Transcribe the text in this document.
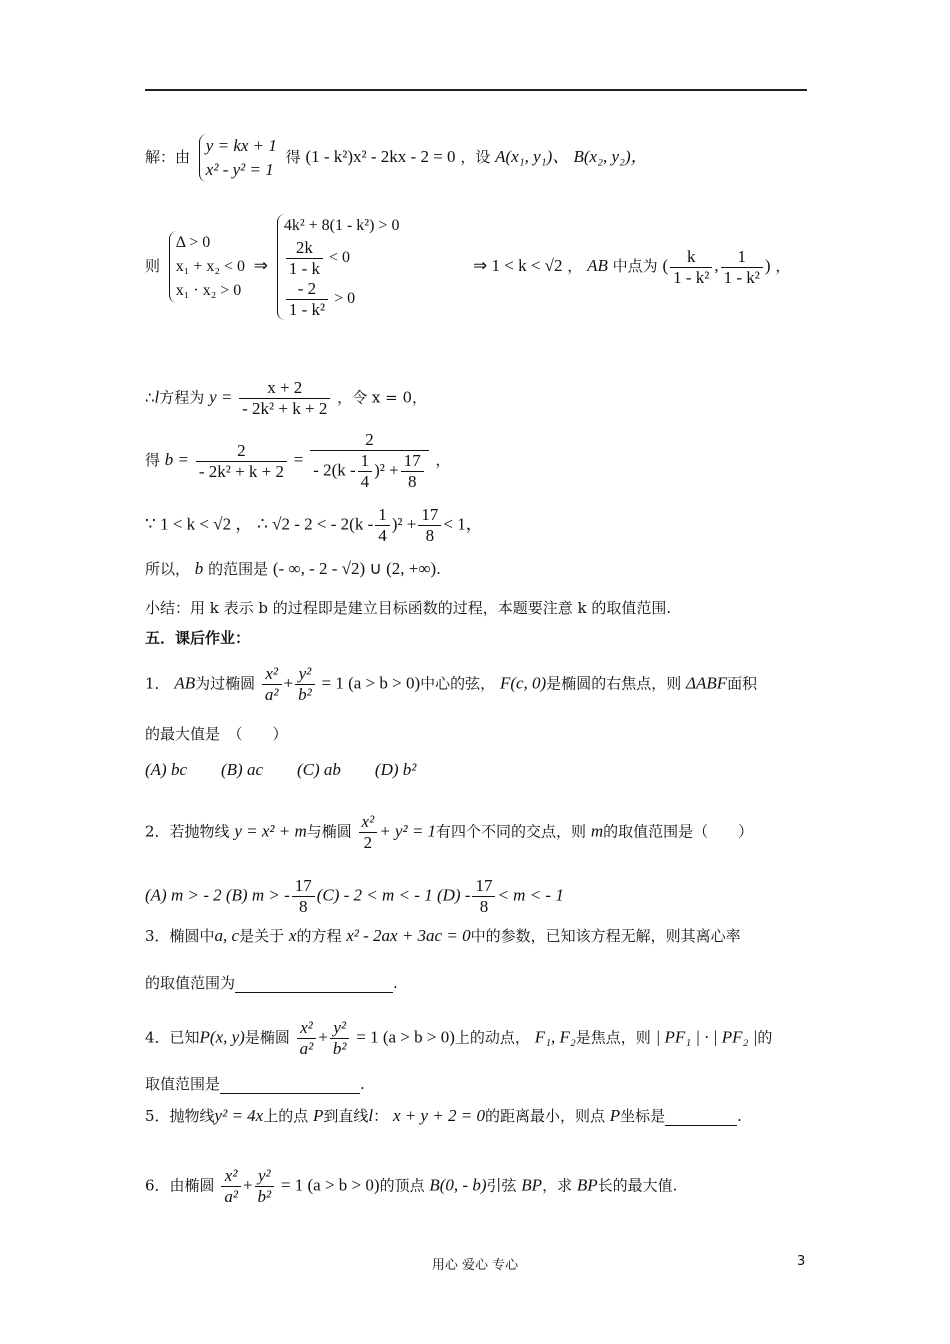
解：由
y = kx + 1
x² - y² = 1
得 (1 - k²)x² - 2kx - 2 = 0 ，设 A(x₁, y₁)、 B(x₂, y₂)，
则
Δ > 0
x₁ + x₂ < 0
x₁ · x₂ > 0
⇒
4k² + 8(1 - k²) > 0
$\frac{2k}{1 - k} < 0$
$\frac{- 2}{\text{1 - k²}} > 0$
⇒ 1 < k < √2 ， AB 中点为 ( $\frac{k}{\text{1 - k²}}$ , $\frac{1}{\text{1 - k²}}$ ) ，
∴l方程为 $y = \frac{x + 2}{\text{- 2k² + k + 2}}$ ，令 x = 0，
得 $b = \frac{2}{\text{- 2k² + k + 2}} = \frac{2}{- 2(k - \frac{1}{4} )^2 + \frac{17}{8}}$ ，
∵ 1 < k < √2 ， ∴ √2 - 2 < - $2(k - \frac{1}{4} )^2 + \frac{17}{8} < 1$，
所以， b 的范围是 (- ∞, - 2 - √2) ∪ (2, +∞).
小结：用 k 表示 b 的过程即是建立目标函数的过程，本题要注意 k 的取值范围.
五．课后作业：
1． AB为过椭圆 $\frac{\text{x²}}{\text{a²}} + \frac{\text{y²}}{\text{b²}} = 1$ (a > b > 0)中心的弦， F(c, 0)是椭圆的右焦点，则 ΔABF面积
的最大值是　（　　）
(A) bc　　(B) ac　　(C) ab　　(D) b²
2．若抛物线 y = x² + m与椭圆 $\frac{\text{x²}}{2} + y^2 = 1$有四个不同的交点，则 m的取值范围是（　　）
(A) m > - 2 (B) m > - $\frac{17}{8} (C) - 2 < m$ < - 1 $(D) - \frac{17}{8} < m$ < - 1
3．椭圆中a, c是关于 x的方程 x² - 2ax + 3ac = 0中的参数，已知该方程无解，则其离心率
的取值范围为	.
4．已知P(x, y)是椭圆 $\frac{\text{x²}}{\text{a²}} + \frac{\text{y²}}{\text{b²}} = 1$ (a > b > 0)上的动点， F₁, F₂是焦点，则 | PF₁ | · | PF₂ |的
取值范围是	.
5．抛物线y² = 4x上的点 P到直线l： x + y + 2 = 0的距离最小，则点 P坐标是	.
6．由椭圆 $\frac{\text{x²}}{\text{a²}} + \frac{\text{y²}}{\text{b²}} = 1$ (a > b > 0)的顶点 B(0, - b)引弦 BP，求 BP长的最大值.
用心 爱心 专心	3
